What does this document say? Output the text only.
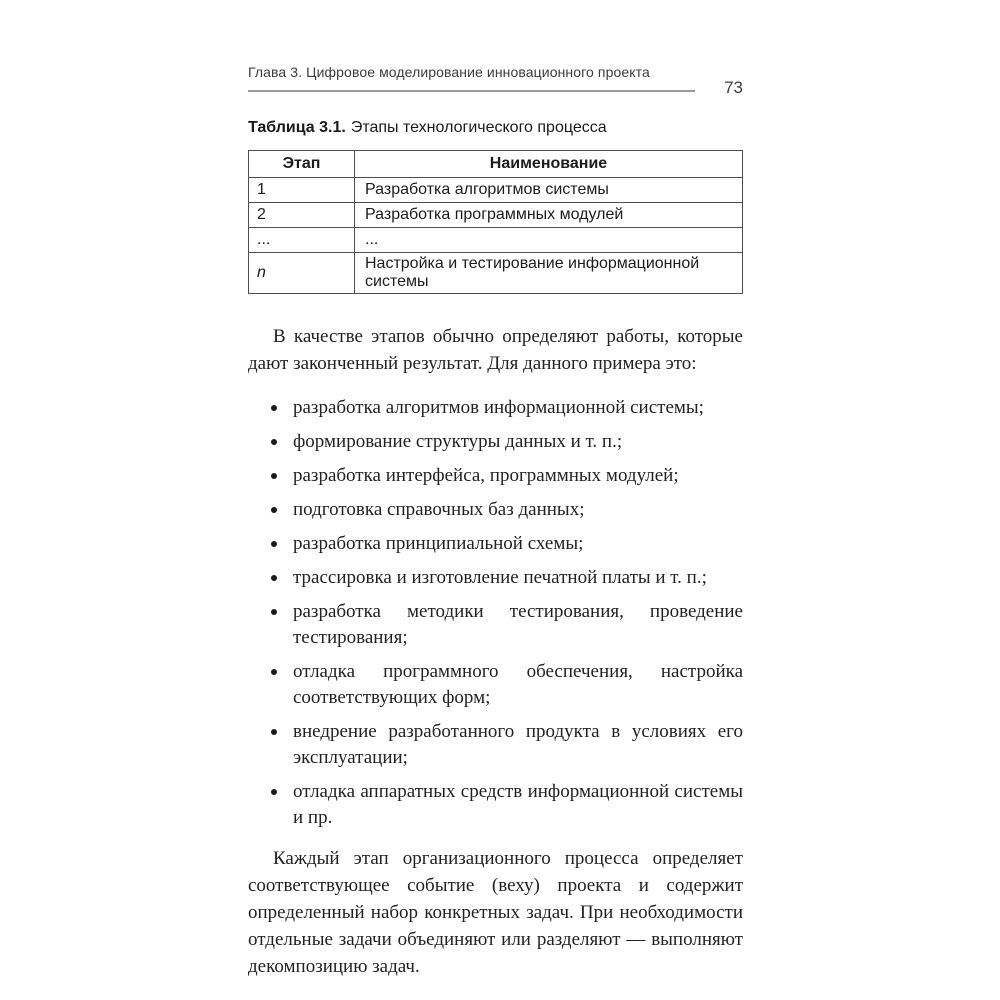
Глава 3. Цифровое моделирование инновационного проекта
73

Таблица 3.1. Этапы технологического процесса

Этап	Наименование
1	Разработка алгоритмов системы
2	Разработка программных модулей
...	...
n	Настройка и тестирование информационной системы

В качестве этапов обычно определяют работы, которые дают законченный результат. Для данного примера это:

разработка алгоритмов информационной системы;
формирование структуры данных и т. п.;
разработка интерфейса, программных модулей;
подготовка справочных баз данных;
разработка принципиальной схемы;
трассировка и изготовление печатной платы и т. п.;
разработка методики тестирования, проведение тестирования;
отладка программного обеспечения, настройка соответствующих форм;
внедрение разработанного продукта в условиях его эксплуатации;
отладка аппаратных средств информационной системы и пр.

Каждый этап организационного процесса определяет соответствующее событие (веху) проекта и содержит определенный набор конкретных задач. При необходимости отдельные задачи объединяют или разделяют — выполняют декомпозицию задач.
